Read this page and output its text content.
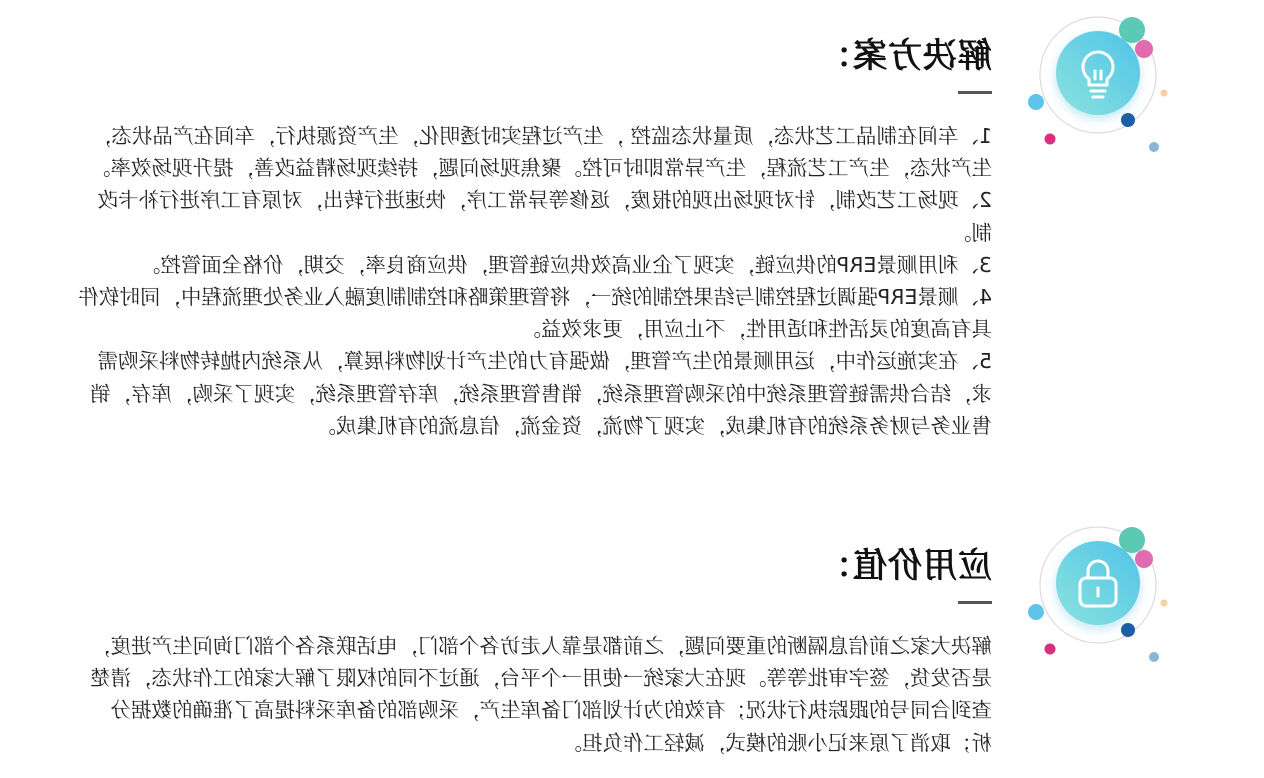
解决方案：

1、车间在制品工艺状态，质量状态监控 ，生产过程实时透明化，生产资源执行，车间在产品状态，生产状态，生产工艺流程，生产异常即时可控。聚焦现场问题，持续现场精益改善，提升现场效率。

2、现场工艺改制，针对现场出现的报废，返修等异常工序，快速进行转出，对原有工序进行补卡改制。

3、利用顺景ERP的供应链，实现了企业高效供应链管理，供应商良率，交期，价格全面管控。

4、顺景ERP强调过程控制与结果控制的统一，将管理策略和控制制度融入业务处理流程中，同时软件具有高度的灵活性和适用性，不止应用，更求效益。

5、在实施运作中，运用顺景的生产管理，做强有力的生产计划物料展算，从系统内抛转物料采购需求，结合供需链管理系统中的采购管理系统，销售管理系统，库存管理系统，实现了采购，库存，销售业务与财务系统的有机集成，实现了物流，资金流，信息流的有机集成。

应用价值：

解决大家之前信息隔断的重要问题，之前都是靠人走访各个部门，电话联系各个部门询问生产进度，是否发货，签字审批等等。现在大家统一使用一个平台，通过不同的权限了解大家的工作状态，清楚查到合同号的跟踪执行状况；有效的为计划部门备库生产，采购部的备库采料提高了准确的数据分析；取消了原来记小账的模式，减轻工作负担。
